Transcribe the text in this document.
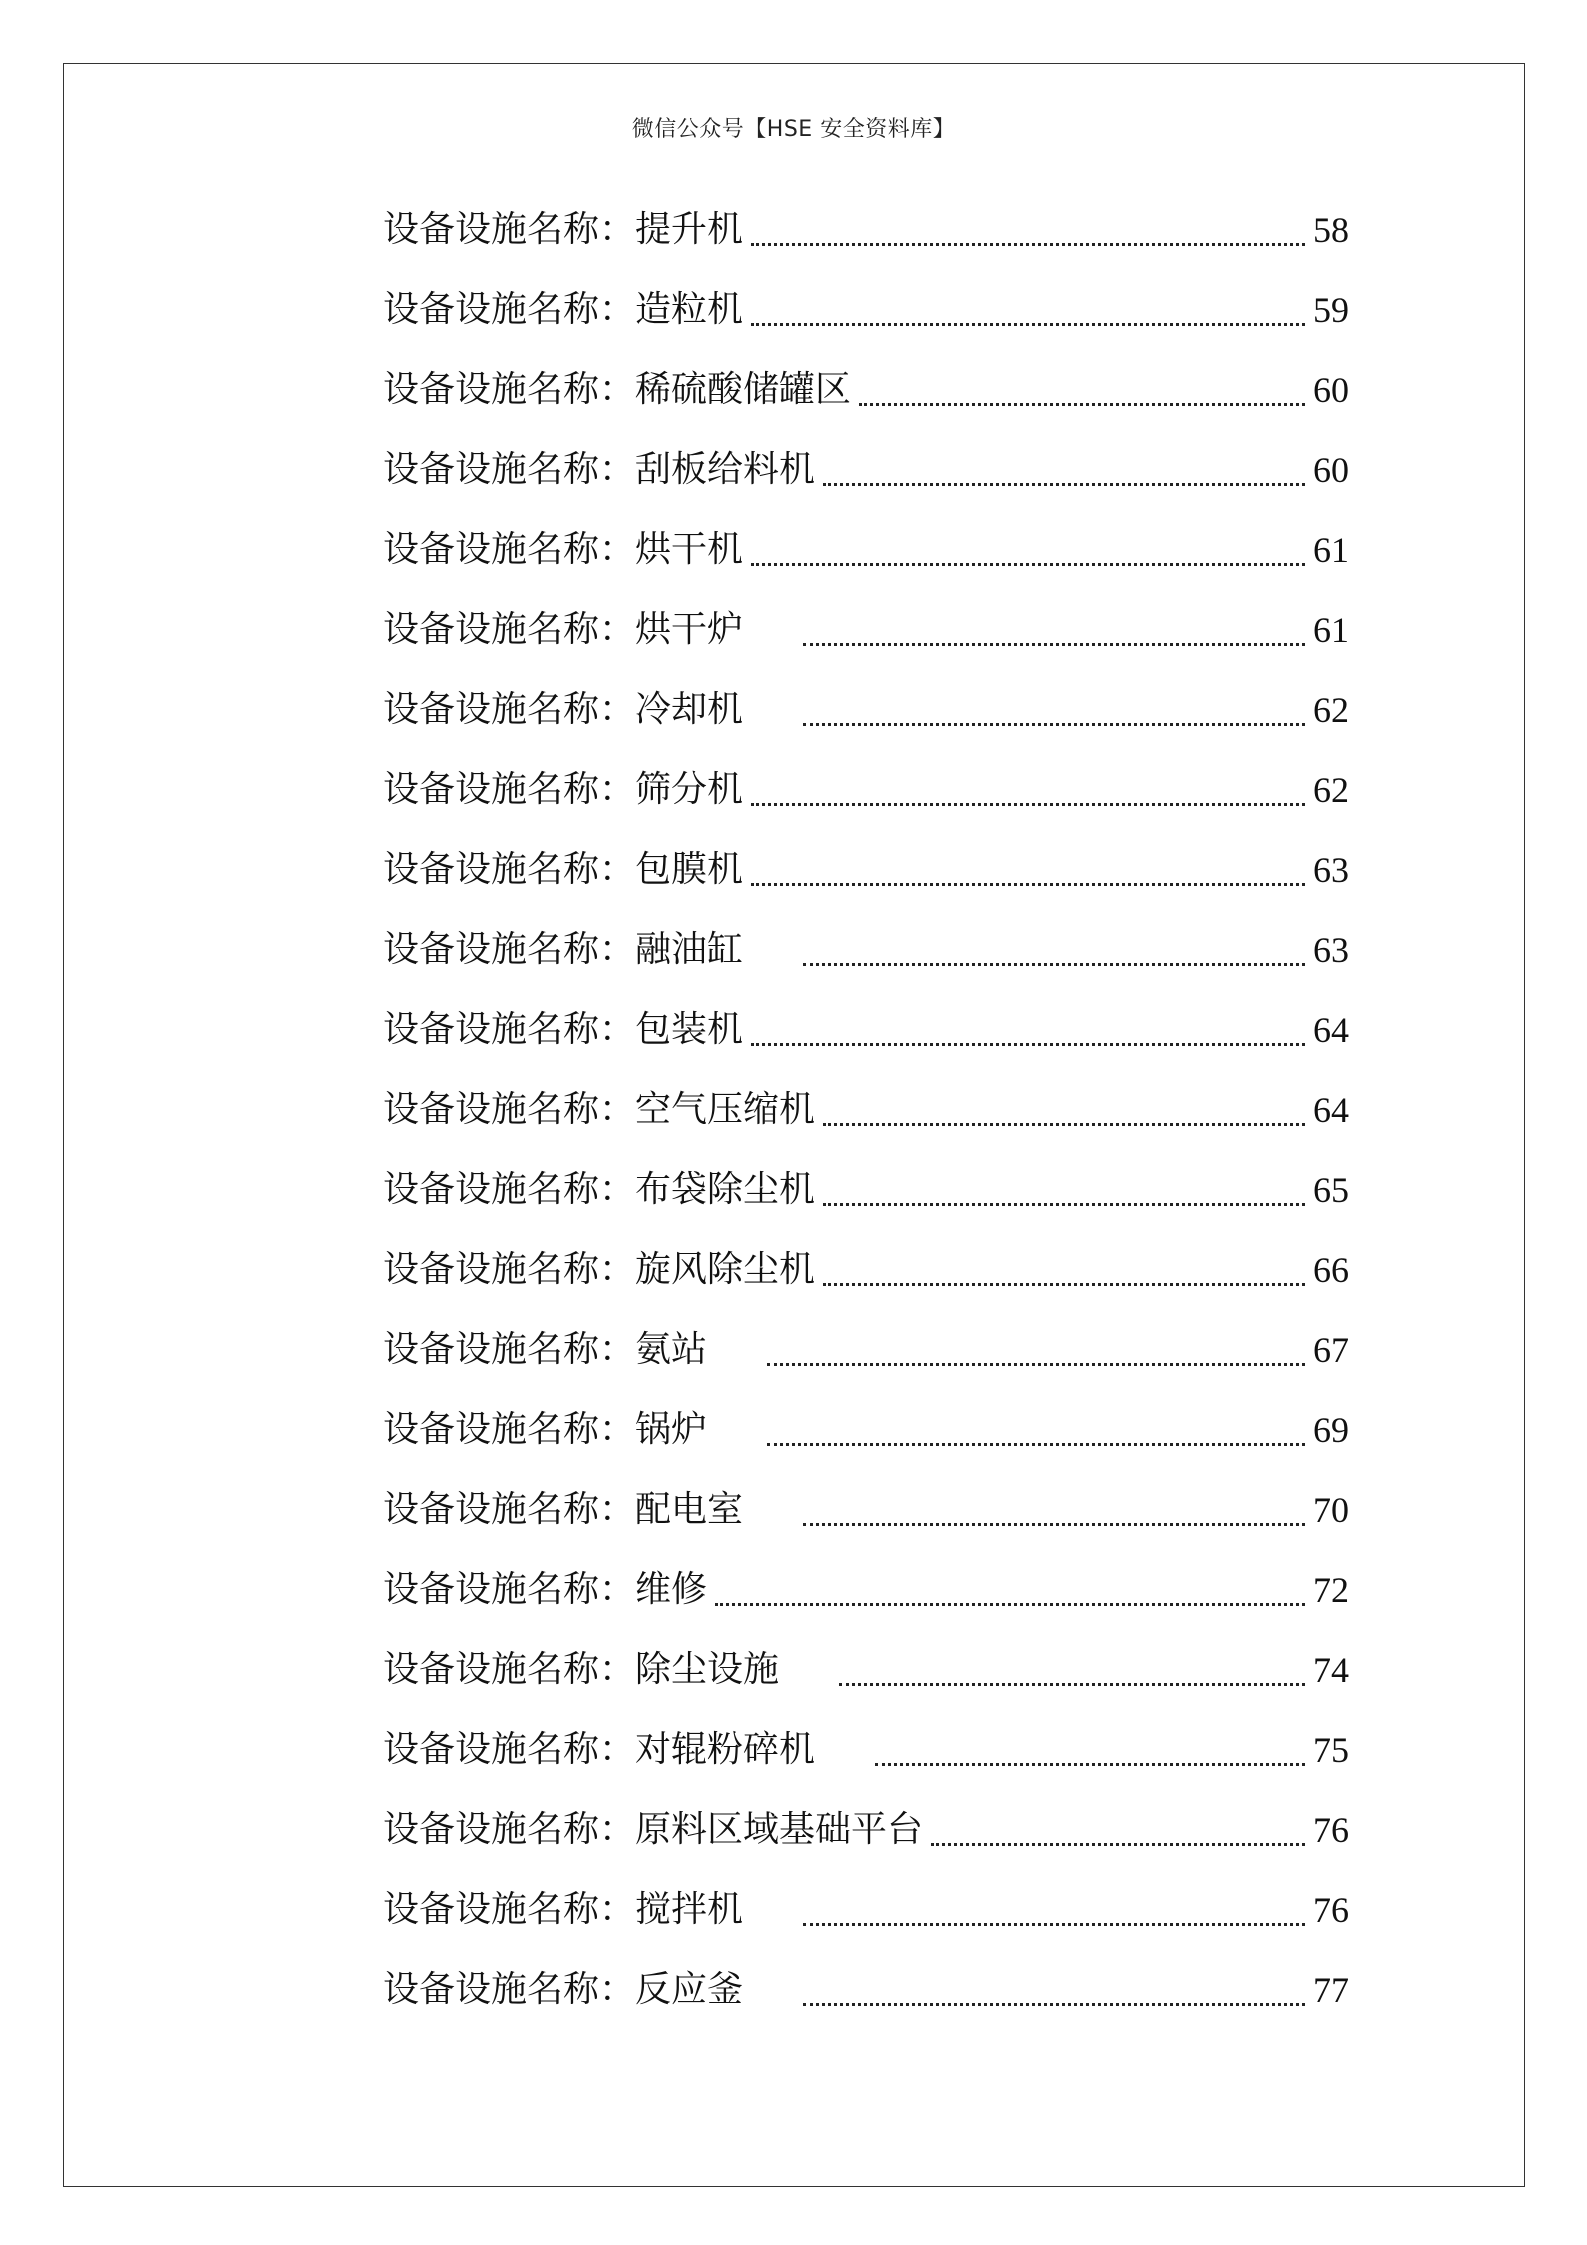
微信公众号【HSE 安全资料库】
设备设施名称： 提升机	58
设备设施名称： 造粒机	59
设备设施名称： 稀硫酸储罐区	60
设备设施名称： 刮板给料机	60
设备设施名称： 烘干机	61
设备设施名称： 烘干炉	61
设备设施名称： 冷却机	62
设备设施名称： 筛分机	62
设备设施名称： 包膜机	63
设备设施名称： 融油缸	63
设备设施名称： 包装机	64
设备设施名称： 空气压缩机	64
设备设施名称： 布袋除尘机	65
设备设施名称： 旋风除尘机	66
设备设施名称： 氨站	67
设备设施名称： 锅炉	69
设备设施名称： 配电室	70
设备设施名称： 维修	72
设备设施名称： 除尘设施	74
设备设施名称： 对辊粉碎机	75
设备设施名称： 原料区域基础平台	76
设备设施名称： 搅拌机	76
设备设施名称： 反应釜	77
